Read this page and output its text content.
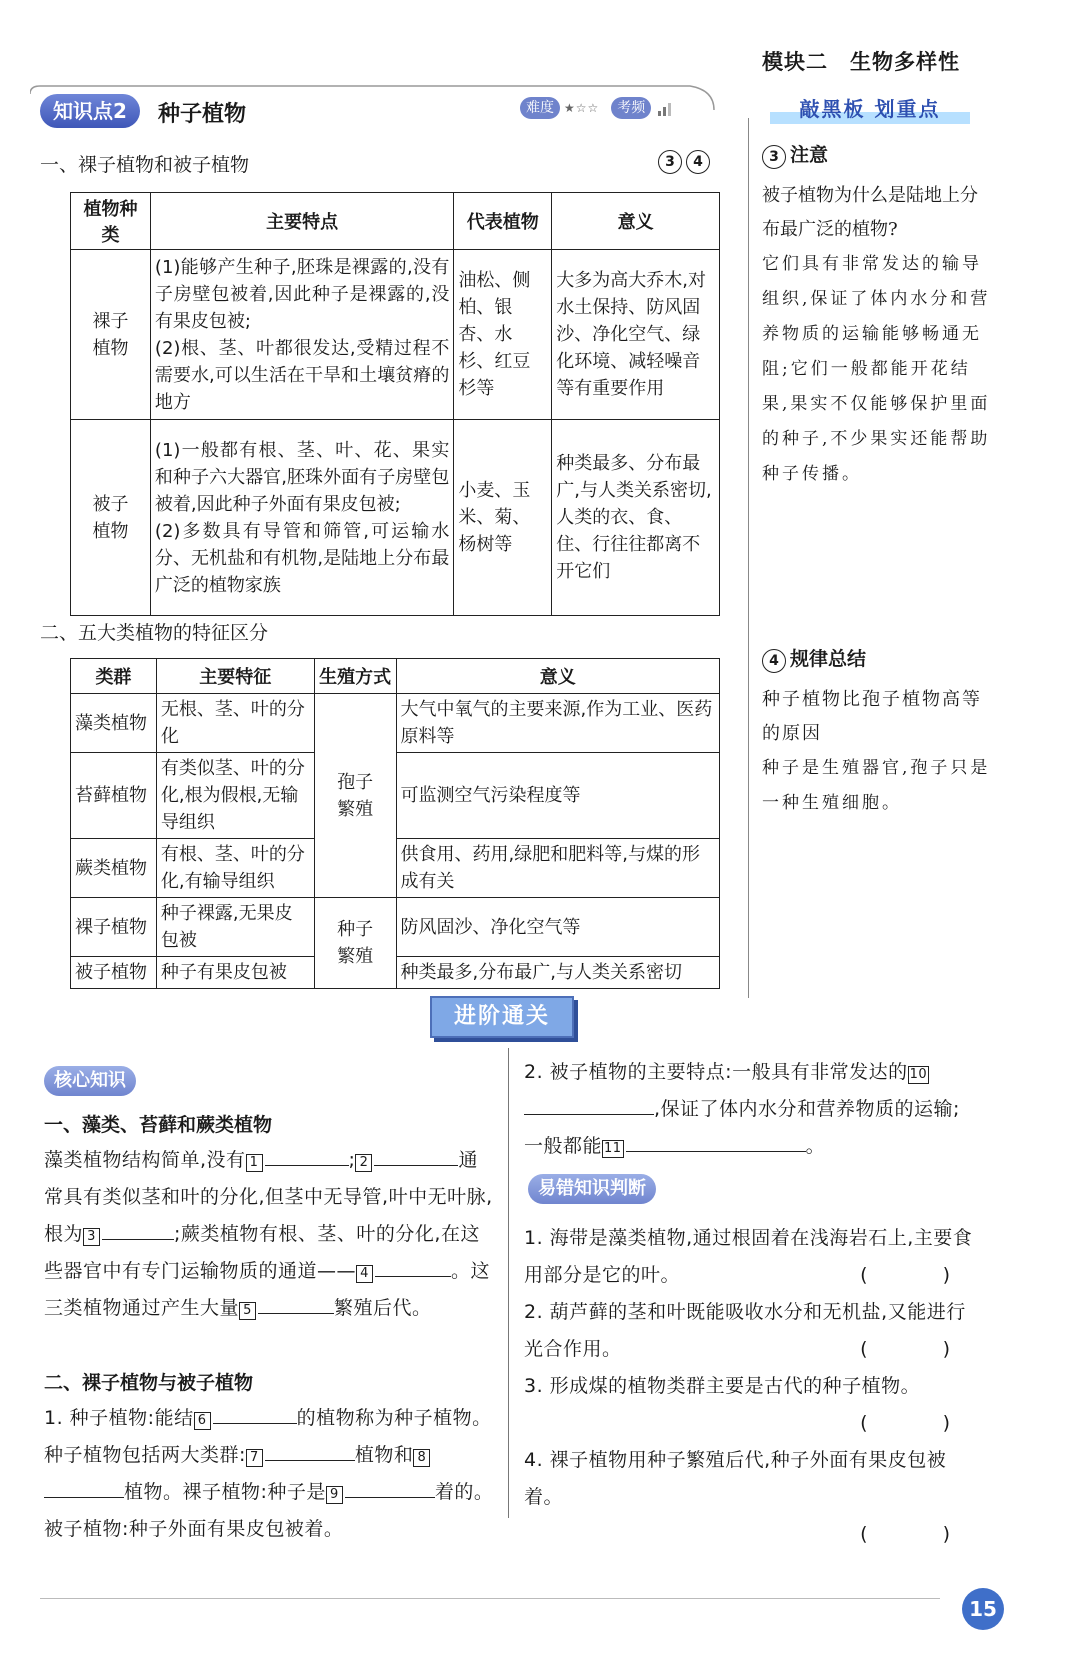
模块二　生物多样性
知识点2	种子植物	难度 ★☆☆	考频	敲黑板 划重点
3 注意
被子植物为什么是陆地上分布最广泛的植物?
它们具有非常发达的输导组织,保证了体内水分和营养物质的运输能够畅通无阻;它们一般都能开花结果,果实不仅能够保护里面的种子,不少果实还能帮助种子传播。
4 规律总结
种子植物比孢子植物高等的原因
种子是生殖器官,孢子只是一种生殖细胞。
一、裸子植物和被子植物	3 4
植物种类	主要特点	代表植物	意义
裸子植物	(1)能够产生种子,胚珠是裸露的,没有子房壁包被着,因此种子是裸露的,没有果皮包被;
(2)根、茎、叶都很发达,受精过程不需要水,可以生活在干旱和土壤贫瘠的地方	油松、侧柏、银杏、水杉、红豆杉等	大多为高大乔木,对水土保持、防风固沙、净化空气、绿化环境、减轻噪音等有重要作用
被子植物	(1)一般都有根、茎、叶、花、果实和种子六大器官,胚珠外面有子房壁包被着,因此种子外面有果皮包被;
(2)多数具有导管和筛管,可运输水分、无机盐和有机物,是陆地上分布最广泛的植物家族	小麦、玉米、菊、杨树等	种类最多、分布最广,与人类关系密切,人类的衣、食、住、行往往都离不开它们
二、五大类植物的特征区分
类群	主要特征	生殖方式	意义
藻类植物	无根、茎、叶的分化	孢子繁殖	大气中氧气的主要来源,作为工业、医药原料等
苔藓植物	有类似茎、叶的分化,根为假根,无输导组织		可监测空气污染程度等
蕨类植物	有根、茎、叶的分化,有输导组织		供食用、药用,绿肥和肥料等,与煤的形成有关
裸子植物	种子裸露,无果皮包被	种子繁殖	防风固沙、净化空气等
被子植物	种子有果皮包被		种类最多,分布最广,与人类关系密切
进阶通关
核心知识
一、藻类、苔藓和蕨类植物
藻类植物结构简单,没有 1	; 2	通常具有类似茎和叶的分化,但茎中无导管,叶中无叶脉,根为 3	;蕨类植物有根、茎、叶的分化,在这些器官中有专门运输物质的通道—— 4	。这三类植物通过产生大量 5	繁殖后代。
二、裸子植物与被子植物
1. 种子植物:能结 6	的植物称为种子植物。种子植物包括两大类群: 7	植物和 8植物。裸子植物:种子是 9	着的。被子植物:种子外面有果皮包被着。
2. 被子植物的主要特点:一般具有非常发达的 10,保证了体内水分和营养物质的运输;一般都能 11	。
易错知识判断
1. 海带是藻类植物,通过根固着在浅海岩石上,主要食用部分是它的叶。	(　)
2. 葫芦藓的茎和叶既能吸收水分和无机盐,又能进行光合作用。	(　)
3. 形成煤的植物类群主要是古代的种子植物。
(　)
4. 裸子植物用种子繁殖后代,种子外面有果皮包被着。
(　)
15
